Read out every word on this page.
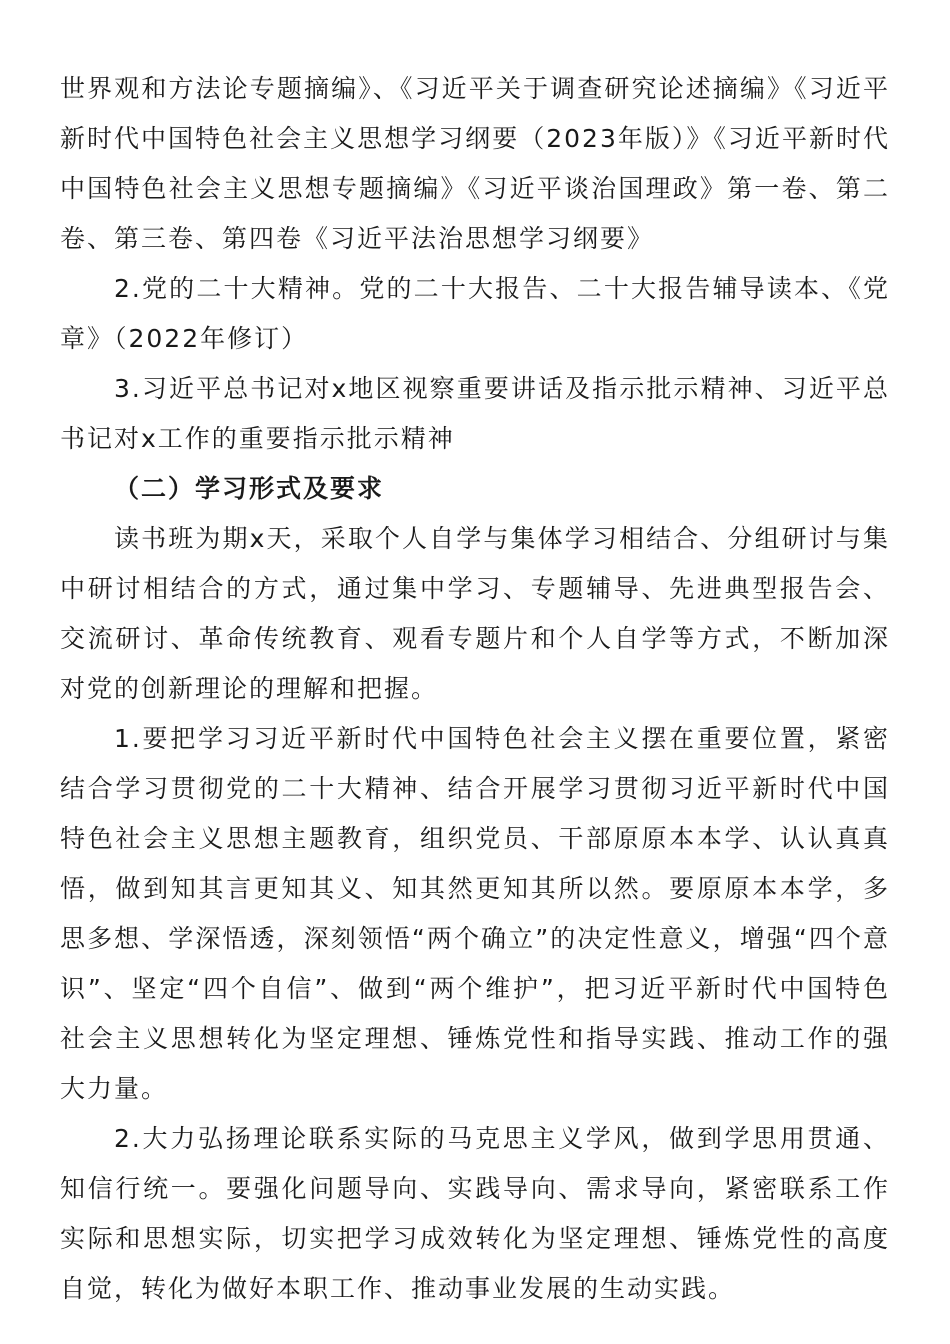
世界观和方法论专题摘编》、《习近平关于调查研究论述摘编》《习近平新时代中国特色社会主义思想学习纲要（2023年版）》《习近平新时代中国特色社会主义思想专题摘编》《习近平谈治国理政》第一卷、第二卷、第三卷、第四卷《习近平法治思想学习纲要》

2.党的二十大精神。党的二十大报告、二十大报告辅导读本、《党章》（2022年修订）

3.习近平总书记对x地区视察重要讲话及指示批示精神、习近平总书记对x工作的重要指示批示精神

（二）学习形式及要求

读书班为期x天，采取个人自学与集体学习相结合、分组研讨与集中研讨相结合的方式，通过集中学习、专题辅导、先进典型报告会、交流研讨、革命传统教育、观看专题片和个人自学等方式，不断加深对党的创新理论的理解和把握。

1.要把学习习近平新时代中国特色社会主义摆在重要位置，紧密结合学习贯彻党的二十大精神、结合开展学习贯彻习近平新时代中国特色社会主义思想主题教育，组织党员、干部原原本本学、认认真真悟，做到知其言更知其义、知其然更知其所以然。要原原本本学，多思多想、学深悟透，深刻领悟“两个确立”的决定性意义，增强“四个意识”、坚定“四个自信”、做到“两个维护”，把习近平新时代中国特色社会主义思想转化为坚定理想、锤炼党性和指导实践、推动工作的强大力量。

2.大力弘扬理论联系实际的马克思主义学风，做到学思用贯通、知信行统一。要强化问题导向、实践导向、需求导向，紧密联系工作实际和思想实际，切实把学习成效转化为坚定理想、锤炼党性的高度自觉，转化为做好本职工作、推动事业发展的生动实践。
